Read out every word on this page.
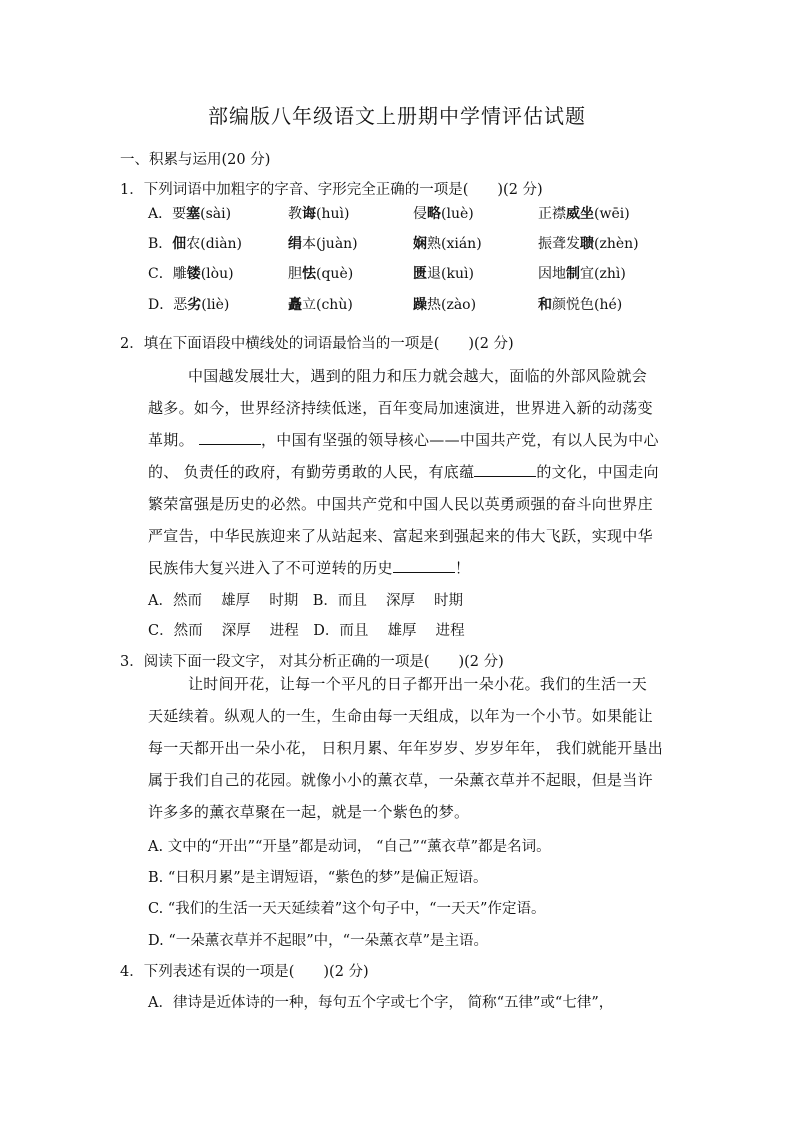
部编版八年级语文上册期中学情评估试题
一、积累与运用(20 分)
1．下列词语中加粗字的字音、字形完全正确的一项是(　　)(2 分)
A．要塞(sài)	教诲(huì)	侵略(luè)	正襟威坐(wēi)
B．佃农(diàn)	绢本(juàn)	娴熟(xián)	振聋发聩(zhèn)
C．雕镂(lòu)	胆怯(què)	匮退(kuì)	因地制宜(zhì)
D．恶劣(liè)	矗立(chù)	躁热(zào)	和颜悦色(hé)
2．填在下面语段中横线处的词语最恰当的一项是(　　)(2 分)
中国越发展壮大，遇到的阻力和压力就会越大，面临的外部风险就会
越多。如今，世界经济持续低迷，百年变局加速演进，世界进入新的动荡变
革期。	，中国有坚强的领导核心——中国共产党，有以人民为中心
的、 负责任的政府，有勤劳勇敢的人民，有底蕴	的文化，中国走向
繁荣富强是历史的必然。中国共产党和中国人民以英勇顽强的奋斗向世界庄
严宣告，中华民族迎来了从站起来、富起来到强起来的伟大飞跃，实现中华
民族伟大复兴进入了不可逆转的历史	！
A．然而　 雄厚　 时期　B．而且　 深厚　 时期
C．然而　 深厚　 进程　D．而且　 雄厚　 进程
3．阅读下面一段文字， 对其分析正确的一项是(　　)(2 分)
让时间开花，让每一个平凡的日子都开出一朵小花。我们的生活一天
天延续着。纵观人的一生，生命由每一天组成，以年为一个小节。如果能让
每一天都开出一朵小花， 日积月累、年年岁岁、岁岁年年， 我们就能开垦出
属于我们自己的花园。就像小小的薰衣草，一朵薰衣草并不起眼，但是当许
许多多的薰衣草聚在一起，就是一个紫色的梦。
A. 文中的“开出”“开垦”都是动词， “自己”“薰衣草”都是名词。
B. “日积月累”是主谓短语，“紫色的梦”是偏正短语。
C. “我们的生活一天天延续着”这个句子中，“一天天”作定语。
D. “一朵薰衣草并不起眼”中，“一朵薰衣草”是主语。
4．下列表述有误的一项是(　　)(2 分)
A．律诗是近体诗的一种，每句五个字或七个字， 简称“五律”或“七律”，
